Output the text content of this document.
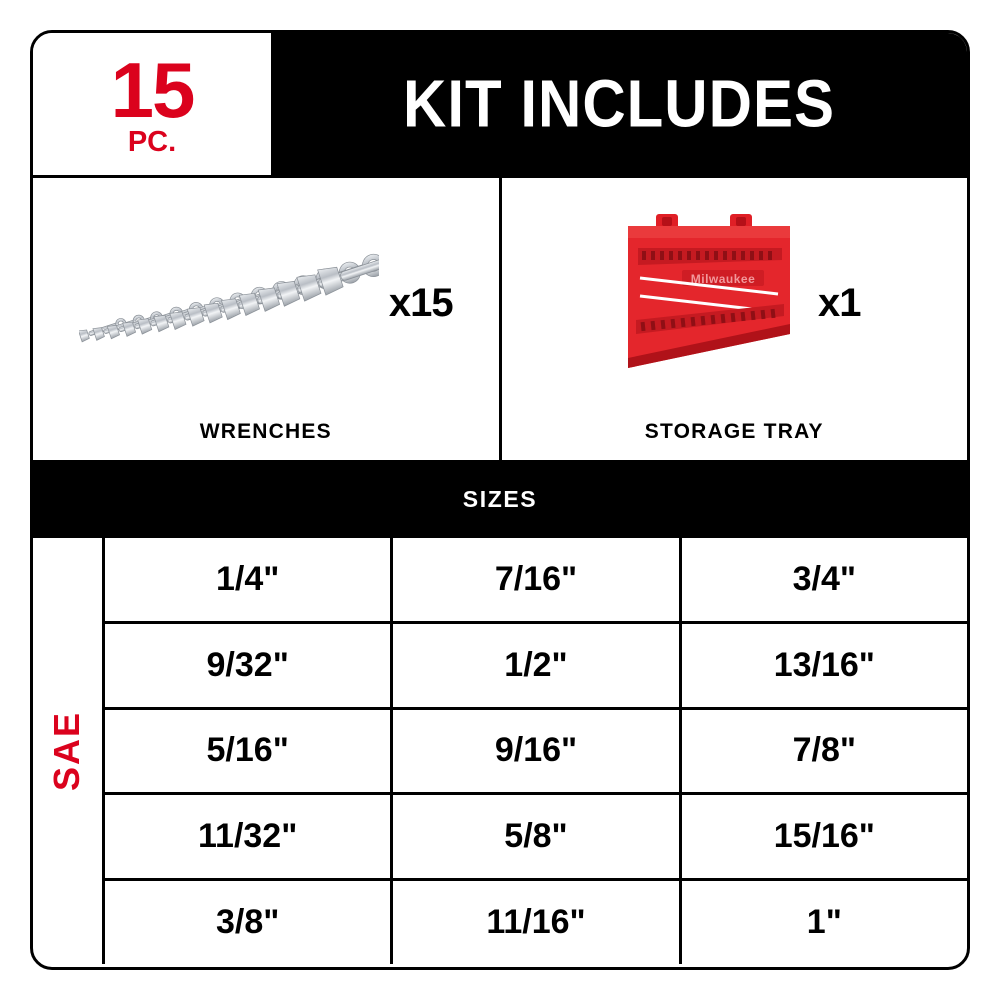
15
PC.
KIT INCLUDES
x15
WRENCHES
Milwaukee
x1
STORAGE TRAY
SIZES
SAE
1/4"	7/16"	3/4"
9/32"	1/2"	13/16"
5/16"	9/16"	7/8"
11/32"	5/8"	15/16"
3/8"	11/16"	1"
